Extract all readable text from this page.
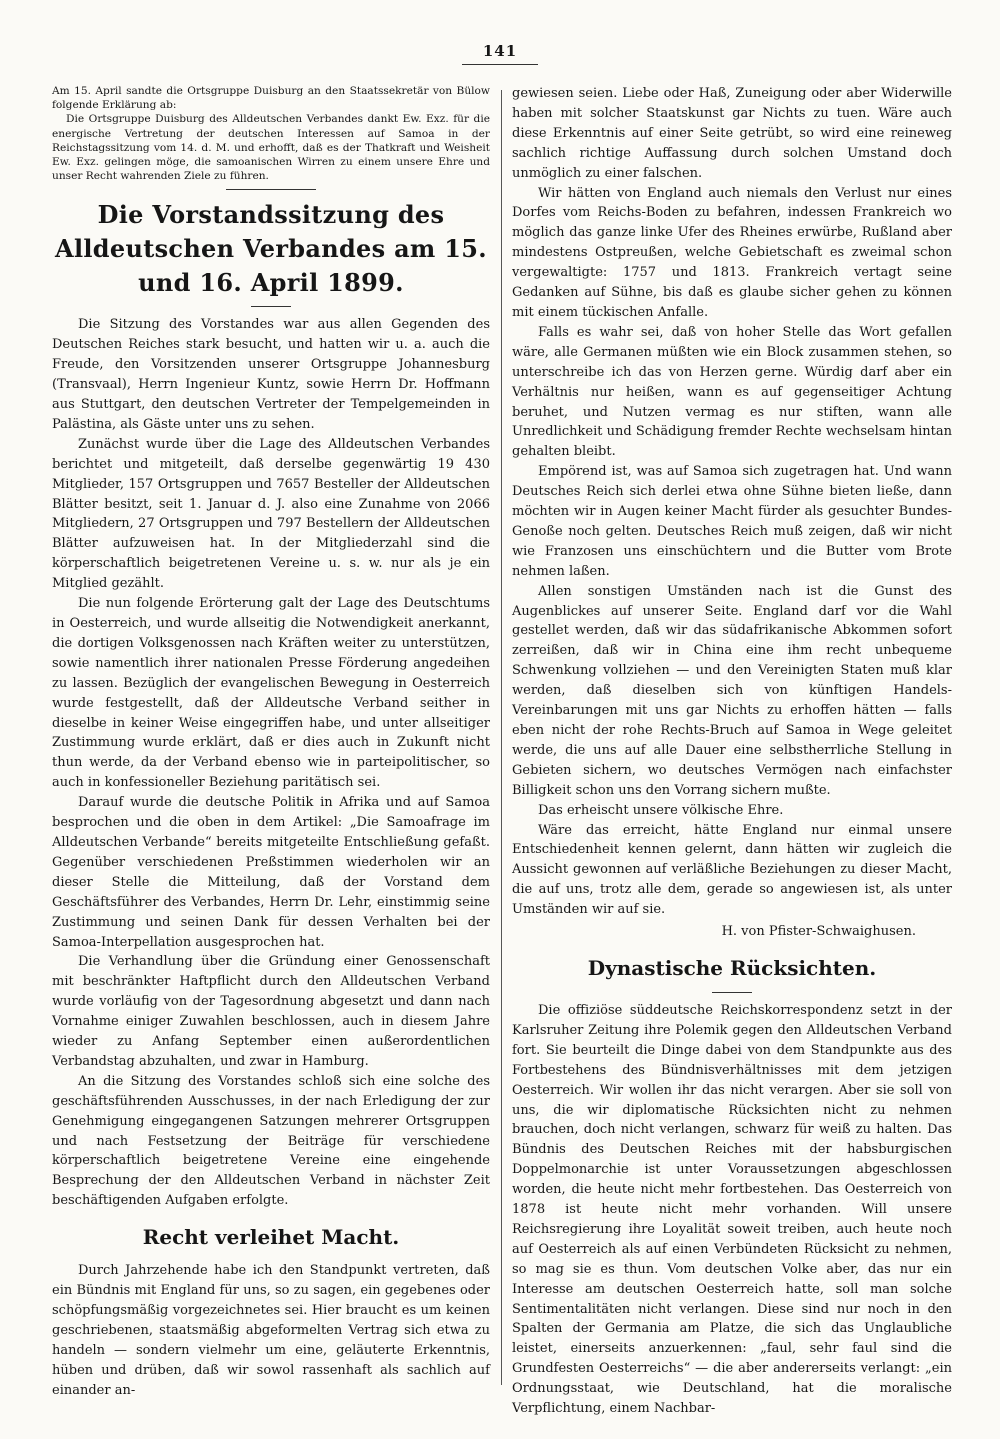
141

Am 15. April sandte die Ortsgruppe Duisburg an den Staatssekretär von Bülow folgende Erklärung ab:

Die Ortsgruppe Duisburg des Alldeutschen Verbandes dankt Ew. Exz. für die energische Vertretung der deutschen Interessen auf Samoa in der Reichstagssitzung vom 14. d. M. und erhofft, daß es der Thatkraft und Weisheit Ew. Exz. gelingen möge, die samoanischen Wirren zu einem unsere Ehre und unser Recht wahrenden Ziele zu führen.

Die Vorstandssitzung des Alldeutschen Verbandes am 15. und 16. April 1899.

Die Sitzung des Vorstandes war aus allen Gegenden des Deutschen Reiches stark besucht, und hatten wir u. a. auch die Freude, den Vorsitzenden unserer Ortsgruppe Johannesburg (Transvaal), Herrn Ingenieur Kuntz, sowie Herrn Dr. Hoffmann aus Stuttgart, den deutschen Vertreter der Tempelgemeinden in Palästina, als Gäste unter uns zu sehen.

Zunächst wurde über die Lage des Alldeutschen Verbandes berichtet und mitgeteilt, daß derselbe gegenwärtig 19 430 Mitglieder, 157 Ortsgruppen und 7657 Besteller der Alldeutschen Blätter besitzt, seit 1. Januar d. J. also eine Zunahme von 2066 Mitgliedern, 27 Ortsgruppen und 797 Bestellern der Alldeutschen Blätter aufzuweisen hat. In der Mitgliederzahl sind die körperschaftlich beigetretenen Vereine u. s. w. nur als je ein Mitglied gezählt.

Die nun folgende Erörterung galt der Lage des Deutschtums in Oesterreich, und wurde allseitig die Notwendigkeit anerkannt, die dortigen Volksgenossen nach Kräften weiter zu unterstützen, sowie namentlich ihrer nationalen Presse Förderung angedeihen zu lassen. Bezüglich der evangelischen Bewegung in Oesterreich wurde festgestellt, daß der Alldeutsche Verband seither in dieselbe in keiner Weise eingegriffen habe, und unter allseitiger Zustimmung wurde erklärt, daß er dies auch in Zukunft nicht thun werde, da der Verband ebenso wie in parteipolitischer, so auch in konfessioneller Beziehung paritätisch sei.

Darauf wurde die deutsche Politik in Afrika und auf Samoa besprochen und die oben in dem Artikel: „Die Samoafrage im Alldeutschen Verbande“ bereits mitgeteilte Entschließung gefaßt. Gegenüber verschiedenen Preßstimmen wiederholen wir an dieser Stelle die Mitteilung, daß der Vorstand dem Geschäftsführer des Verbandes, Herrn Dr. Lehr, einstimmig seine Zustimmung und seinen Dank für dessen Verhalten bei der Samoa-Interpellation ausgesprochen hat.

Die Verhandlung über die Gründung einer Genossenschaft mit beschränkter Haftpflicht durch den Alldeutschen Verband wurde vorläufig von der Tagesordnung abgesetzt und dann nach Vornahme einiger Zuwahlen beschlossen, auch in diesem Jahre wieder zu Anfang September einen außerordentlichen Verbandstag abzuhalten, und zwar in Hamburg.

An die Sitzung des Vorstandes schloß sich eine solche des geschäftsführenden Ausschusses, in der nach Erledigung der zur Genehmigung eingegangenen Satzungen mehrerer Ortsgruppen und nach Festsetzung der Beiträge für verschiedene körperschaftlich beigetretene Vereine eine eingehende Besprechung der den Alldeutschen Verband in nächster Zeit beschäftigenden Aufgaben erfolgte.

Recht verleihet Macht.

Durch Jahrzehende habe ich den Standpunkt vertreten, daß ein Bündnis mit England für uns, so zu sagen, ein gegebenes oder schöpfungsmäßig vorgezeichnetes sei. Hier braucht es um keinen geschriebenen, staatsmäßig abgeformelten Vertrag sich etwa zu handeln — sondern vielmehr um eine, geläuterte Erkenntnis, hüben und drüben, daß wir sowol rassenhaft als sachlich auf einander an-

gewiesen seien. Liebe oder Haß, Zuneigung oder aber Widerwille haben mit solcher Staatskunst gar Nichts zu tuen. Wäre auch diese Erkenntnis auf einer Seite getrübt, so wird eine reineweg sachlich richtige Auffassung durch solchen Umstand doch unmöglich zu einer falschen.

Wir hätten von England auch niemals den Verlust nur eines Dorfes vom Reichs-Boden zu befahren, indessen Frankreich wo möglich das ganze linke Ufer des Rheines erwürbe, Rußland aber mindestens Ostpreußen, welche Gebietschaft es zweimal schon vergewaltigte: 1757 und 1813. Frankreich vertagt seine Gedanken auf Sühne, bis daß es glaube sicher gehen zu können mit einem tückischen Anfalle.

Falls es wahr sei, daß von hoher Stelle das Wort gefallen wäre, alle Germanen müßten wie ein Block zusammen stehen, so unterschreibe ich das von Herzen gerne. Würdig darf aber ein Verhältnis nur heißen, wann es auf gegenseitiger Achtung beruhet, und Nutzen vermag es nur stiften, wann alle Unredlichkeit und Schädigung fremder Rechte wechselsam hintan gehalten bleibt.

Empörend ist, was auf Samoa sich zugetragen hat. Und wann Deutsches Reich sich derlei etwa ohne Sühne bieten ließe, dann möchten wir in Augen keiner Macht fürder als gesuchter Bundes-Genoße noch gelten. Deutsches Reich muß zeigen, daß wir nicht wie Franzosen uns einschüchtern und die Butter vom Brote nehmen laßen.

Allen sonstigen Umständen nach ist die Gunst des Augenblickes auf unserer Seite. England darf vor die Wahl gestellet werden, daß wir das südafrikanische Abkommen sofort zerreißen, daß wir in China eine ihm recht unbequeme Schwenkung vollziehen — und den Vereinigten Staten muß klar werden, daß dieselben sich von künftigen Handels-Vereinbarungen mit uns gar Nichts zu erhoffen hätten — falls eben nicht der rohe Rechts-Bruch auf Samoa in Wege geleitet werde, die uns auf alle Dauer eine selbstherrliche Stellung in Gebieten sichern, wo deutsches Vermögen nach einfachster Billigkeit schon uns den Vorrang sichern mußte.

Das erheischt unsere völkische Ehre.

Wäre das erreicht, hätte England nur einmal unsere Entschiedenheit kennen gelernt, dann hätten wir zugleich die Aussicht gewonnen auf verläßliche Beziehungen zu dieser Macht, die auf uns, trotz alle dem, gerade so angewiesen ist, als unter Umständen wir auf sie.

H. von Pfister-Schwaighusen.

Dynastische Rücksichten.

Die offiziöse süddeutsche Reichskorrespondenz setzt in der Karlsruher Zeitung ihre Polemik gegen den Alldeutschen Verband fort. Sie beurteilt die Dinge dabei von dem Standpunkte aus des Fortbestehens des Bündnisverhältnisses mit dem jetzigen Oesterreich. Wir wollen ihr das nicht verargen. Aber sie soll von uns, die wir diplomatische Rücksichten nicht zu nehmen brauchen, doch nicht verlangen, schwarz für weiß zu halten. Das Bündnis des Deutschen Reiches mit der habsburgischen Doppelmonarchie ist unter Voraussetzungen abgeschlossen worden, die heute nicht mehr fortbestehen. Das Oesterreich von 1878 ist heute nicht mehr vorhanden. Will unsere Reichsregierung ihre Loyalität soweit treiben, auch heute noch auf Oesterreich als auf einen Verbündeten Rücksicht zu nehmen, so mag sie es thun. Vom deutschen Volke aber, das nur ein Interesse am deutschen Oesterreich hatte, soll man solche Sentimentalitäten nicht verlangen. Diese sind nur noch in den Spalten der Germania am Platze, die sich das Unglaubliche leistet, einerseits anzuerkennen: „faul, sehr faul sind die Grundfesten Oesterreichs“ — die aber andererseits verlangt: „ein Ordnungsstaat, wie Deutschland, hat die moralische Verpflichtung, einem Nachbar-
